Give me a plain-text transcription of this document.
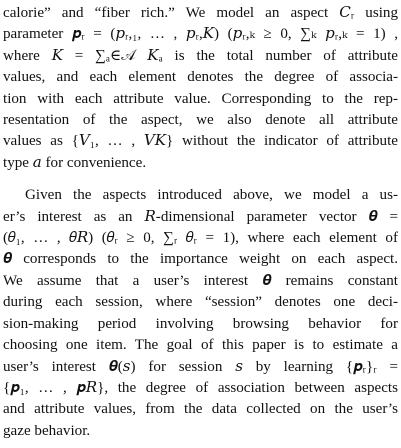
calorie” and “fiber rich.” We model an aspect 𝐶ᵣ using
parameter 𝒑ᵣ = (𝑝ᵣ,₁, … , 𝑝ᵣ,𝐾) (𝑝ᵣ,ₖ ≥ 0, ∑ₖ 𝑝ᵣ,ₖ = 1) ,
where 𝐾 = ∑ₐ∈𝒜 𝐾ₐ is the total number of attribute
values, and each element denotes the degree of associa-
tion with each attribute value. Corresponding to the rep-
resentation of the aspect, we also denote all attribute
values as {𝑉₁, … , 𝑉𝐾} without the indicator of attribute
type 𝑎 for convenience.
Given the aspects introduced above, we model a us-
er’s interest as an 𝑅-dimensional parameter vector 𝜽 =
(𝜃₁, … , 𝜃𝑅) (𝜃ᵣ ≥ 0, ∑ᵣ 𝜃ᵣ = 1), where each element of
𝜽 corresponds to the importance weight on each aspect.
We assume that a user’s interest 𝜽 remains constant
during each session, where “session” denotes one deci-
sion-making period involving browsing behavior for
choosing one item. The goal of this paper is to estimate a
user’s interest 𝜽(𝑠) for session 𝑠 by learning {𝒑ᵣ}ᵣ =
{𝒑₁, … , 𝒑𝑅}, the degree of association between aspects
and attribute values, from the data collected on the user’s
gaze behavior.
